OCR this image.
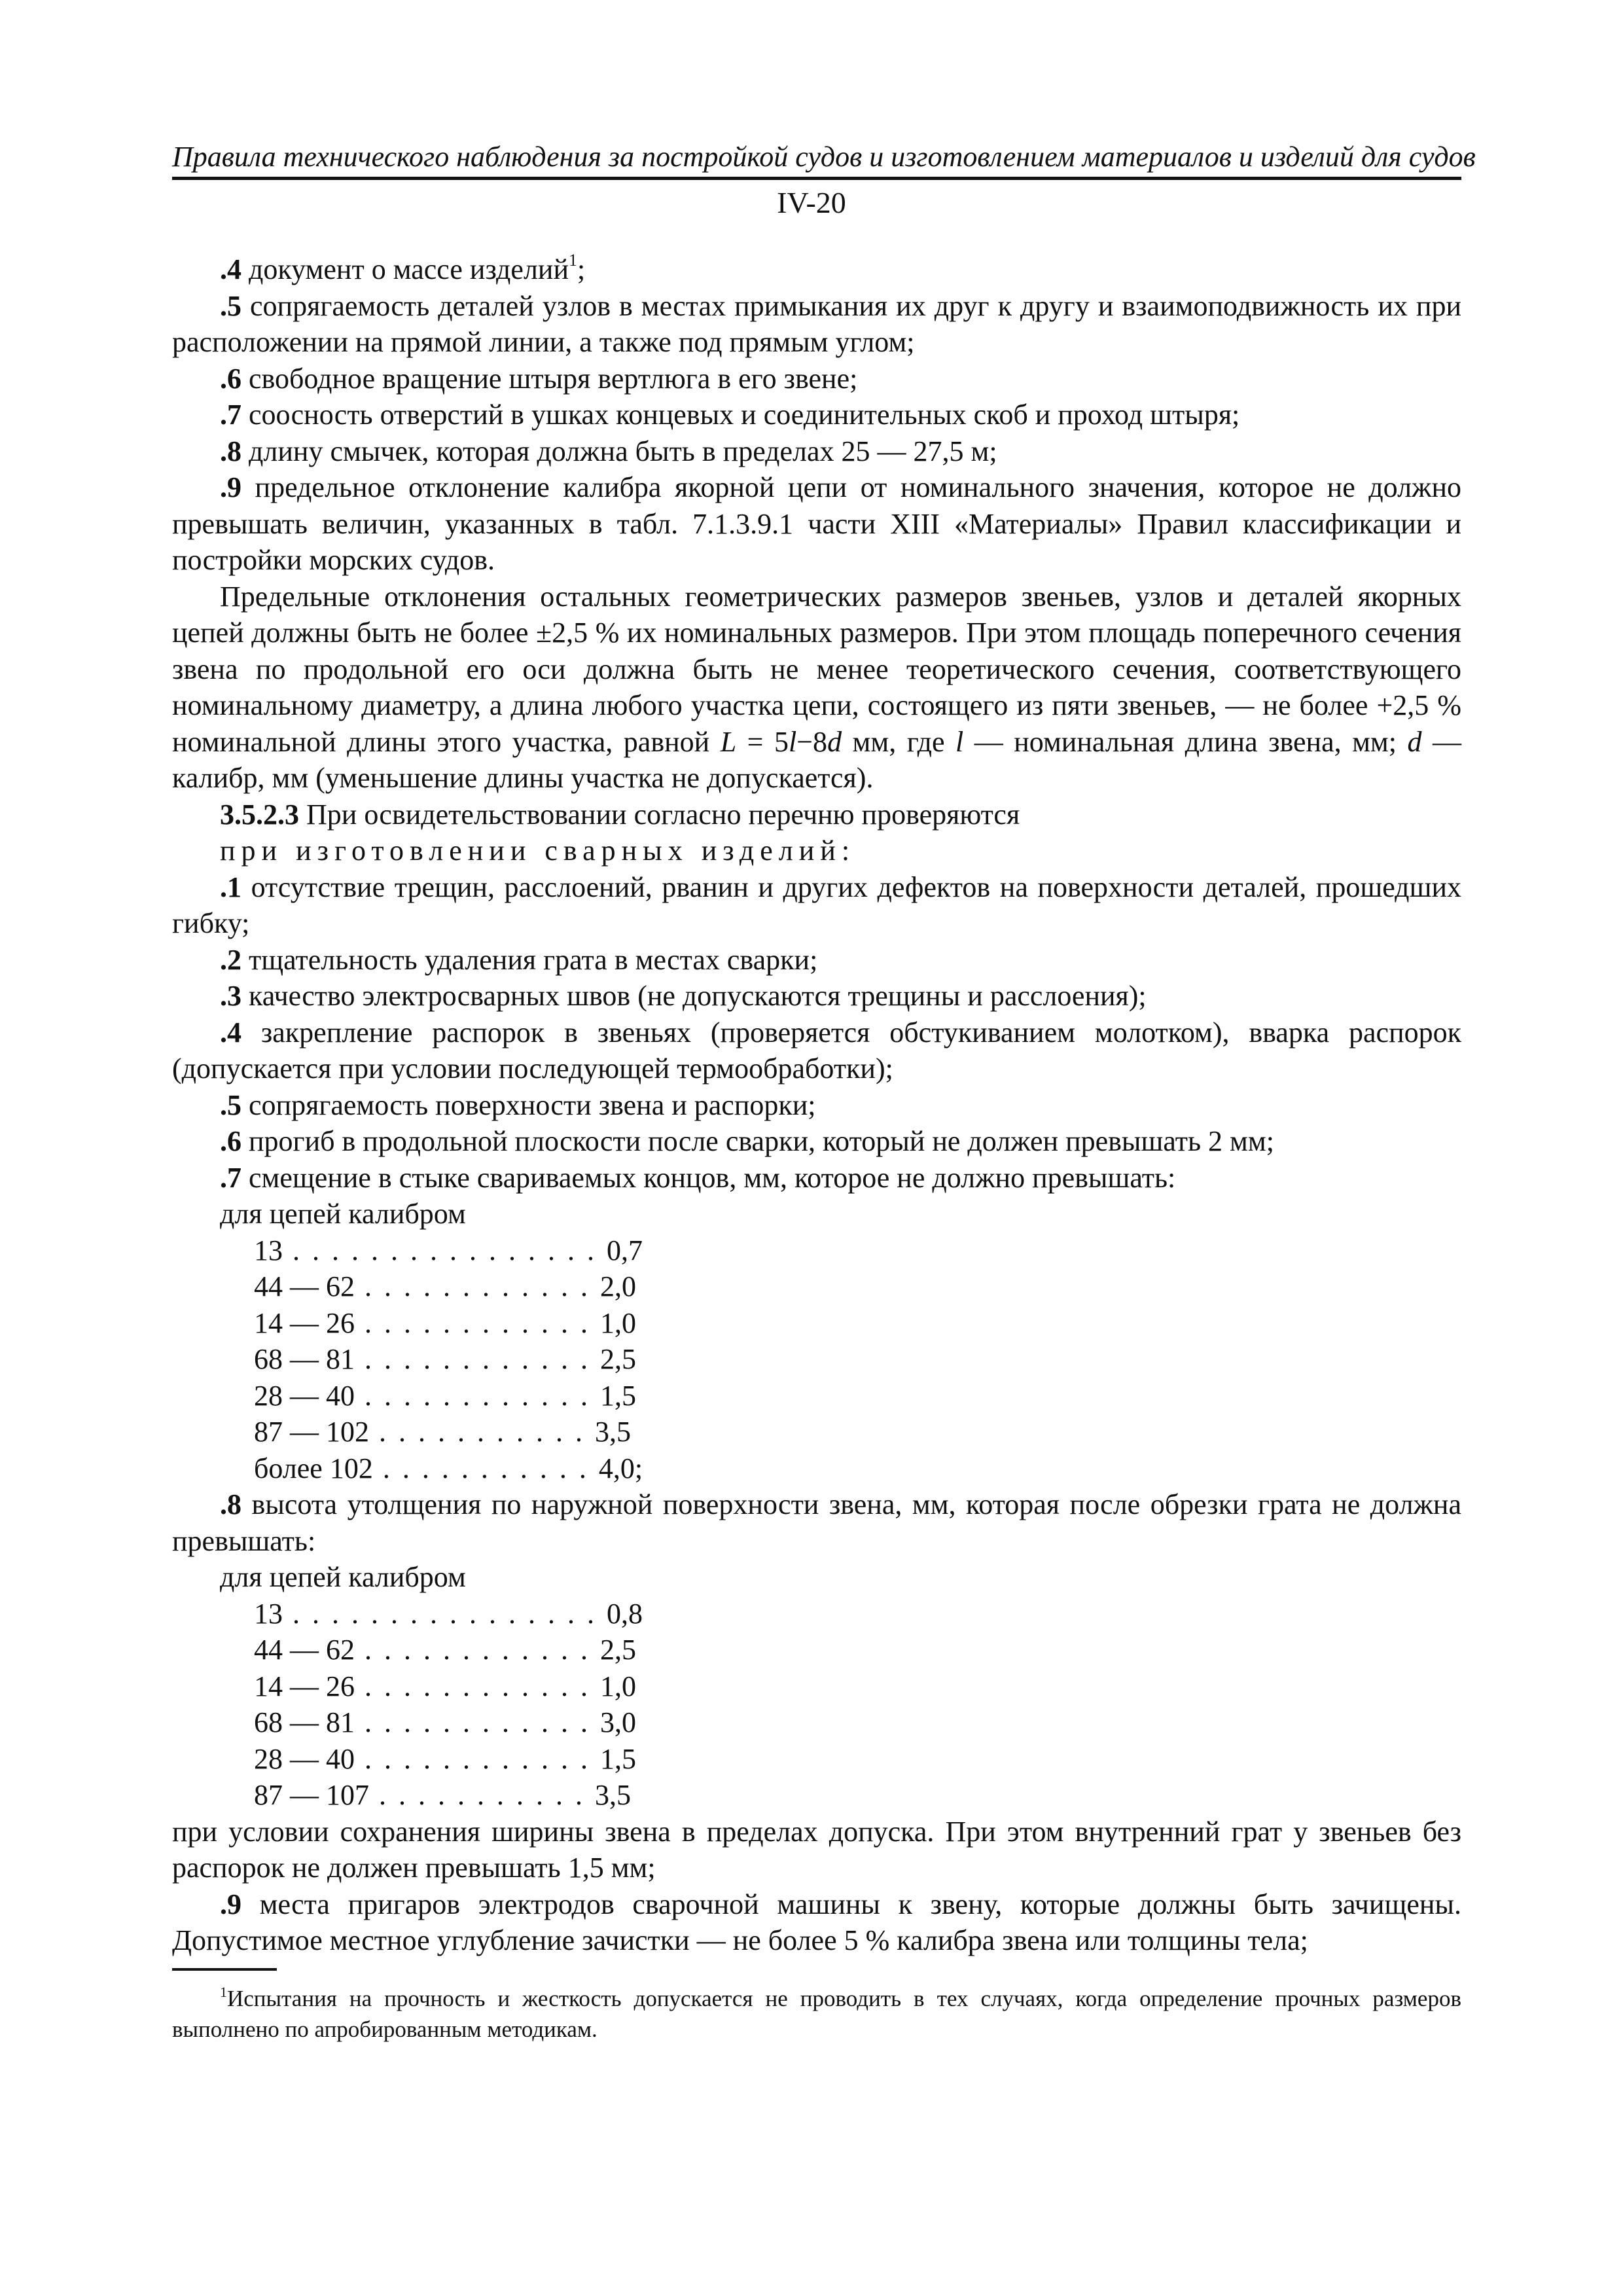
Правила технического наблюдения за постройкой судов и изготовлением материалов и изделий для судов
IV-20

.4 документ о массе изделий$^1$;

.5 сопрягаемость деталей узлов в местах примыкания их друг к другу и взаимоподвижность их при расположении на прямой линии, а также под прямым углом;

.6 свободное вращение штыря вертлюга в его звене;

.7 соосность отверстий в ушках концевых и соединительных скоб и проход штыря;

.8 длину смычек, которая должна быть в пределах 25 — 27,5 м;

.9 предельное отклонение калибра якорной цепи от номинального значения, которое не должно превышать величин, указанных в табл. 7.1.3.9.1 части XIII «Материалы» Правил классификации и постройки морских судов.

Предельные отклонения остальных геометрических размеров звеньев, узлов и деталей якорных цепей должны быть не более ±2,5 % их номинальных размеров. При этом площадь поперечного сечения звена по продольной его оси должна быть не менее теоретического сечения, соответствующего номинальному диаметру, а длина любого участка цепи, состоящего из пяти звеньев, — не более +2,5 % номинальной длины этого участка, равной L = 5l−8d мм, где l — номинальная длина звена, мм; d — калибр, мм (уменьшение длины участка не допускается).

3.5.2.3 При освидетельствовании согласно перечню проверяются

при изготовлении сварных изделий:

.1 отсутствие трещин, расслоений, рванин и других дефектов на поверхности деталей, прошедших гибку;

.2 тщательность удаления грата в местах сварки;

.3 качество электросварных швов (не допускаются трещины и расслоения);

.4 закрепление распорок в звеньях (проверяется обстукиванием молотком), вварка распорок (допускается при условии последующей термообработки);

.5 сопрягаемость поверхности звена и распорки;

.6 прогиб в продольной плоскости после сварки, который не должен превышать 2 мм;

.7 смещение в стыке свариваемых концов, мм, которое не должно превышать:

для цепей калибром

13 . . . . . . . . . . . . . . . . 0,7

44 — 62 . . . . . . . . . . . . 2,0

14 — 26 . . . . . . . . . . . . 1,0

68 — 81 . . . . . . . . . . . . 2,5

28 — 40 . . . . . . . . . . . . 1,5

87 — 102 . . . . . . . . . . . 3,5

более 102 . . . . . . . . . . . 4,0;

.8 высота утолщения по наружной поверхности звена, мм, которая после обрезки грата не должна превышать:

для цепей калибром

13 . . . . . . . . . . . . . . . . 0,8

44 — 62 . . . . . . . . . . . . 2,5

14 — 26 . . . . . . . . . . . . 1,0

68 — 81 . . . . . . . . . . . . 3,0

28 — 40 . . . . . . . . . . . . 1,5

87 — 107 . . . . . . . . . . . 3,5

при условии сохранения ширины звена в пределах допуска. При этом внутренний грат у звеньев без распорок не должен превышать 1,5 мм;

.9 места пригаров электродов сварочной машины к звену, которые должны быть зачищены. Допустимое местное углубление зачистки — не более 5 % калибра звена или толщины тела;

$^1$Испытания на прочность и жесткость допускается не проводить в тех случаях, когда определение прочных размеров выполнено по апробированным методикам.
